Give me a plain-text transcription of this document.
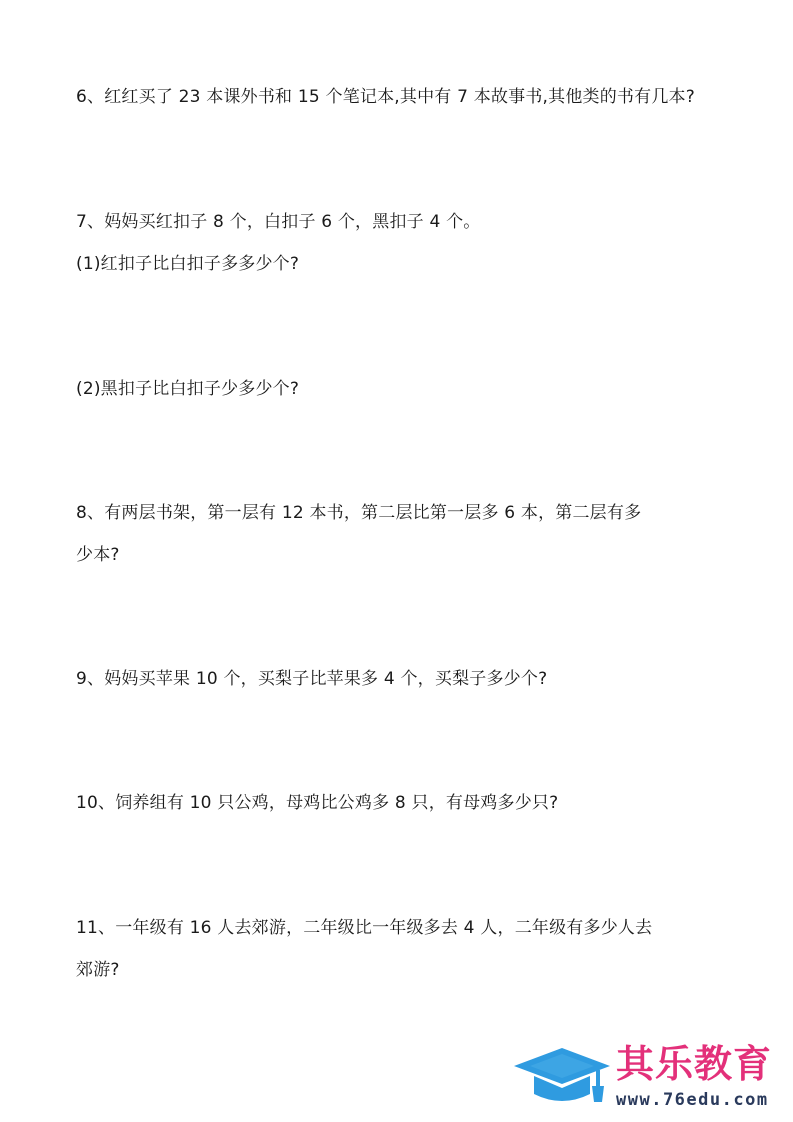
6、红红买了 23 本课外书和 15 个笔记本,其中有 7 本故事书,其他类的书有几本?
7、妈妈买红扣子 8 个，白扣子 6 个，黑扣子 4 个。
(1)红扣子比白扣子多多少个?
(2)黑扣子比白扣子少多少个?
8、有两层书架，第一层有 12 本书，第二层比第一层多 6 本，第二层有多
少本?
9、妈妈买苹果 10 个，买梨子比苹果多 4 个，买梨子多少个?
10、饲养组有 10 只公鸡，母鸡比公鸡多 8 只，有母鸡多少只?
11、一年级有 16 人去郊游，二年级比一年级多去 4 人，二年级有多少人去
郊游?
其乐教育
www.76edu.com
